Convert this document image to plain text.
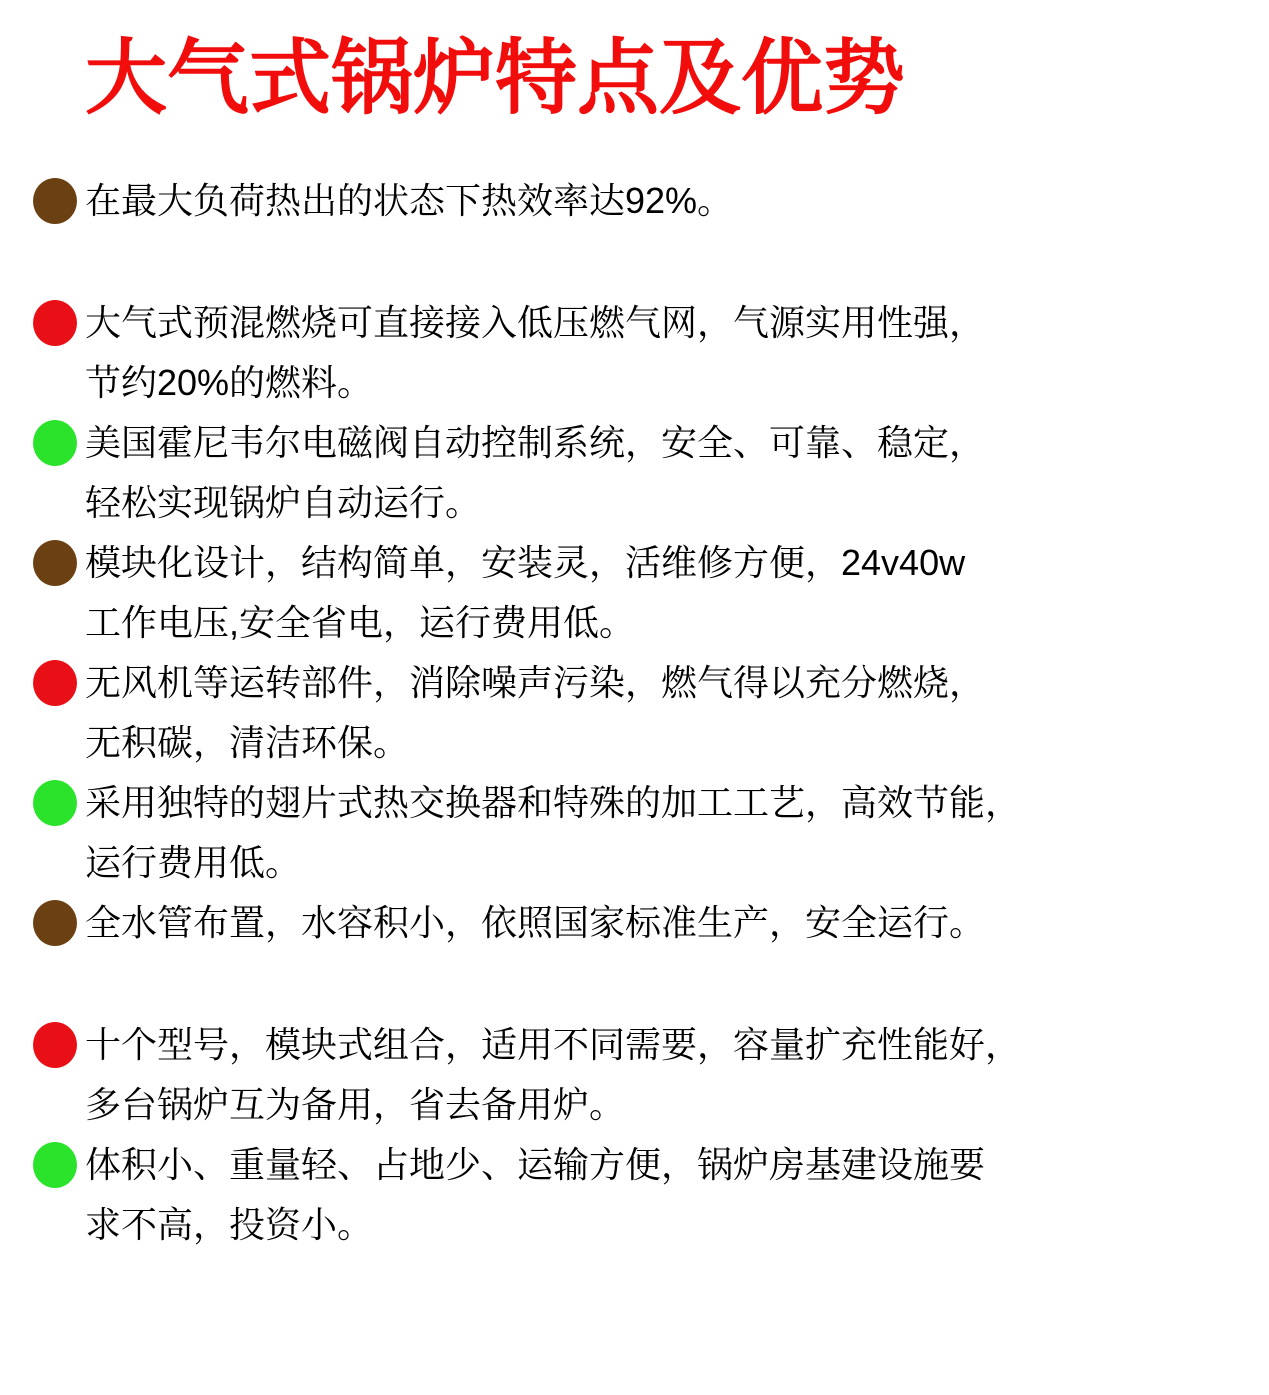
大气式锅炉特点及优势
在最大负荷热出的状态下热效率达92%。
大气式预混燃烧可直接接入低压燃气网，气源实用性强，
节约20%的燃料。
美国霍尼韦尔电磁阀自动控制系统，安全、可靠、稳定，
轻松实现锅炉自动运行。
模块化设计，结构简单，安装灵，活维修方便，24v40w
工作电压,安全省电，运行费用低。
无风机等运转部件，消除噪声污染，燃气得以充分燃烧，
无积碳，清洁环保。
采用独特的翅片式热交换器和特殊的加工工艺，高效节能，
运行费用低。
全水管布置，水容积小，依照国家标准生产，安全运行。
十个型号，模块式组合，适用不同需要，容量扩充性能好，
多台锅炉互为备用，省去备用炉。
体积小、重量轻、占地少、运输方便，锅炉房基建设施要
求不高，投资小。
